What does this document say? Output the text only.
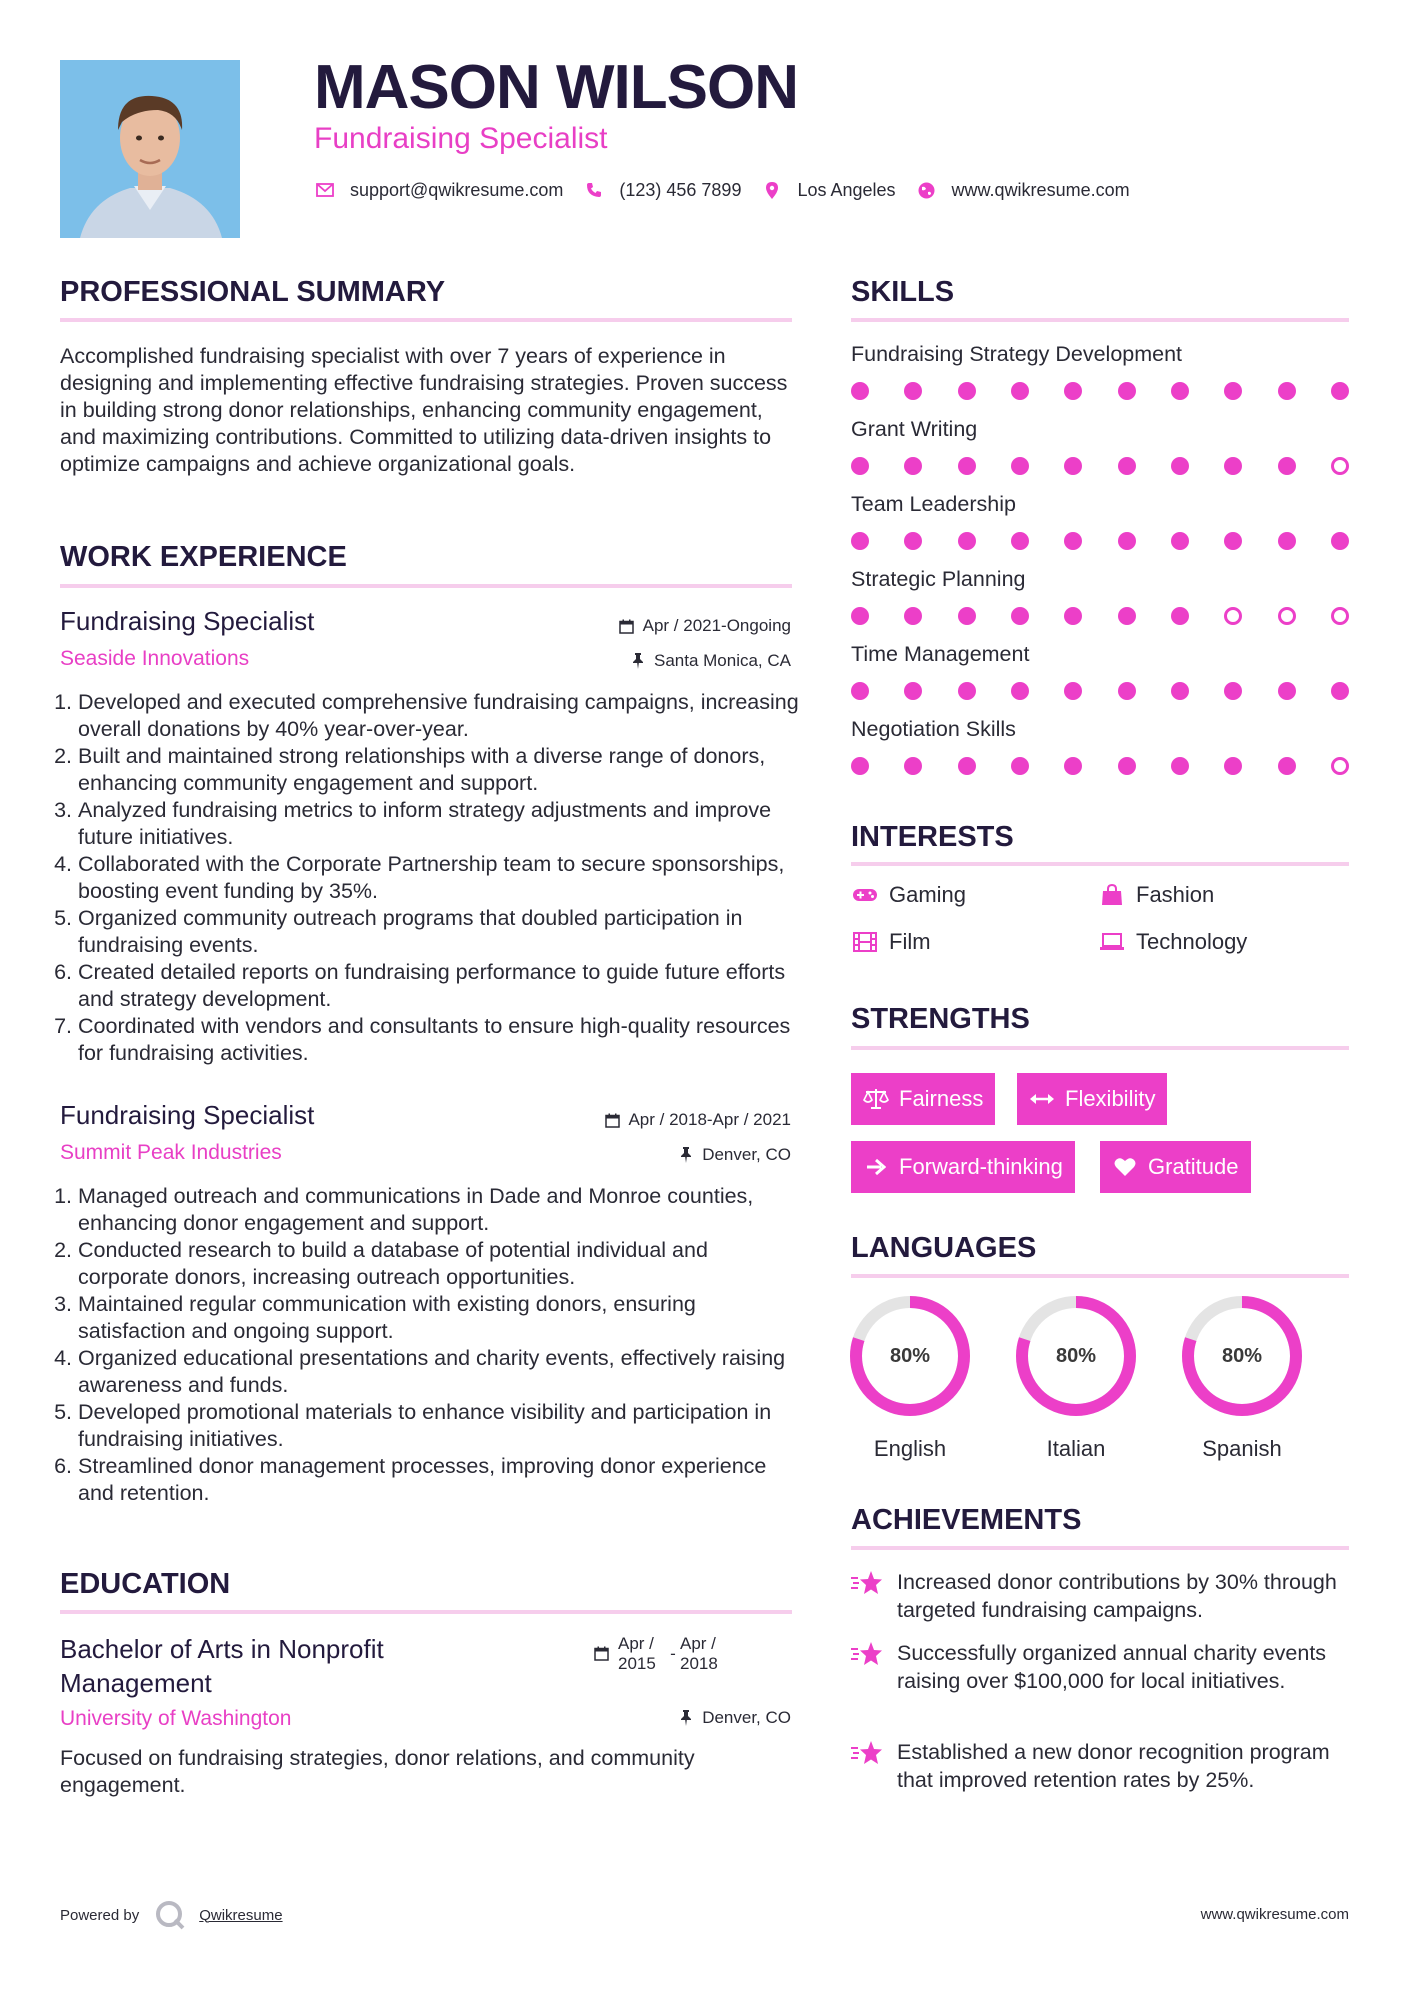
MASON WILSON
Fundraising Specialist
support@qwikresume.com	(123) 456 7899	Los Angeles	www.qwikresume.com
PROFESSIONAL SUMMARY
Accomplished fundraising specialist with over 7 years of experience in designing and implementing effective fundraising strategies. Proven success in building strong donor relationships, enhancing community engagement, and maximizing contributions. Committed to utilizing data-driven insights to optimize campaigns and achieve organizational goals.
WORK EXPERIENCE
Fundraising Specialist
Seaside Innovations
Apr / 2021-Ongoing
Santa Monica, CA
1. Developed and executed comprehensive fundraising campaigns, increasing overall donations by 40% year-over-year.
2. Built and maintained strong relationships with a diverse range of donors, enhancing community engagement and support.
3. Analyzed fundraising metrics to inform strategy adjustments and improve future initiatives.
4. Collaborated with the Corporate Partnership team to secure sponsorships, boosting event funding by 35%.
5. Organized community outreach programs that doubled participation in fundraising events.
6. Created detailed reports on fundraising performance to guide future efforts and strategy development.
7. Coordinated with vendors and consultants to ensure high-quality resources for fundraising activities.
Fundraising Specialist
Summit Peak Industries
Apr / 2018-Apr / 2021
Denver, CO
1. Managed outreach and communications in Dade and Monroe counties, enhancing donor engagement and support.
2. Conducted research to build a database of potential individual and corporate donors, increasing outreach opportunities.
3. Maintained regular communication with existing donors, ensuring satisfaction and ongoing support.
4. Organized educational presentations and charity events, effectively raising awareness and funds.
5. Developed promotional materials to enhance visibility and participation in fundraising initiatives.
6. Streamlined donor management processes, improving donor experience and retention.
EDUCATION
Bachelor of Arts in Nonprofit Management
University of Washington
Apr / 2015
-
Apr / 2018
Denver, CO
Focused on fundraising strategies, donor relations, and community engagement.
SKILLS
Fundraising Strategy Development
Grant Writing
Team Leadership
Strategic Planning
Time Management
Negotiation Skills
INTERESTS
Gaming	Fashion
Film	Technology
STRENGTHS
Fairness	Flexibility
Forward-thinking	Gratitude
LANGUAGES
80%
English
80%
Italian
80%
Spanish
ACHIEVEMENTS
Increased donor contributions by 30% through targeted fundraising campaigns.
Successfully organized annual charity events raising over $100,000 for local initiatives.
Established a new donor recognition program that improved retention rates by 25%.
Powered by	Qwikresume	www.qwikresume.com
